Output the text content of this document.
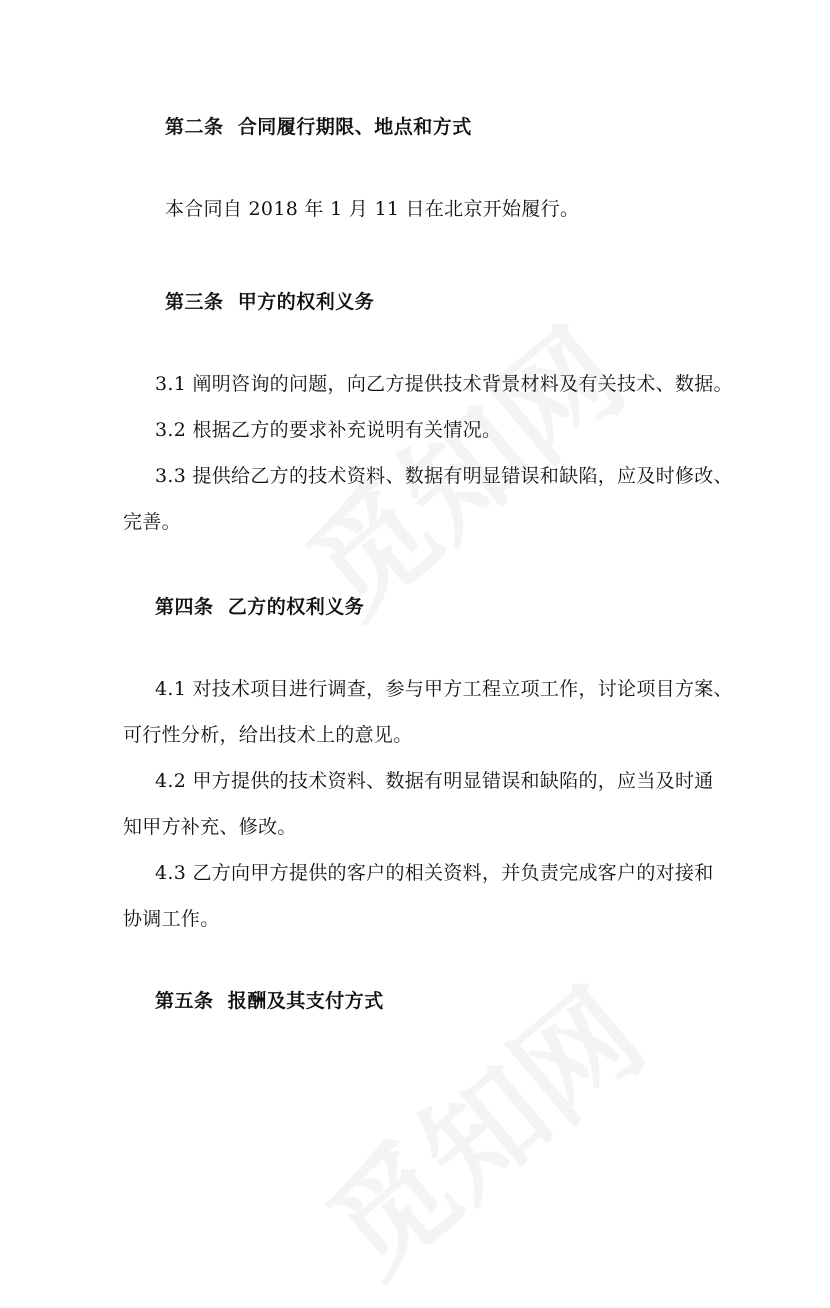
第二条  合同履行期限、地点和方式
本合同自 2018 年 1 月 11 日在北京开始履行。
第三条  甲方的权利义务
3.1 阐明咨询的问题，向乙方提供技术背景材料及有关技术、数据。
3.2 根据乙方的要求补充说明有关情况。
3.3 提供给乙方的技术资料、数据有明显错误和缺陷，应及时修改、
完善。
第四条  乙方的权利义务
4.1 对技术项目进行调查，参与甲方工程立项工作，讨论项目方案、
可行性分析，给出技术上的意见。
4.2 甲方提供的技术资料、数据有明显错误和缺陷的，应当及时通
知甲方补充、修改。
4.3 乙方向甲方提供的客户的相关资料，并负责完成客户的对接和
协调工作。
第五条  报酬及其支付方式
